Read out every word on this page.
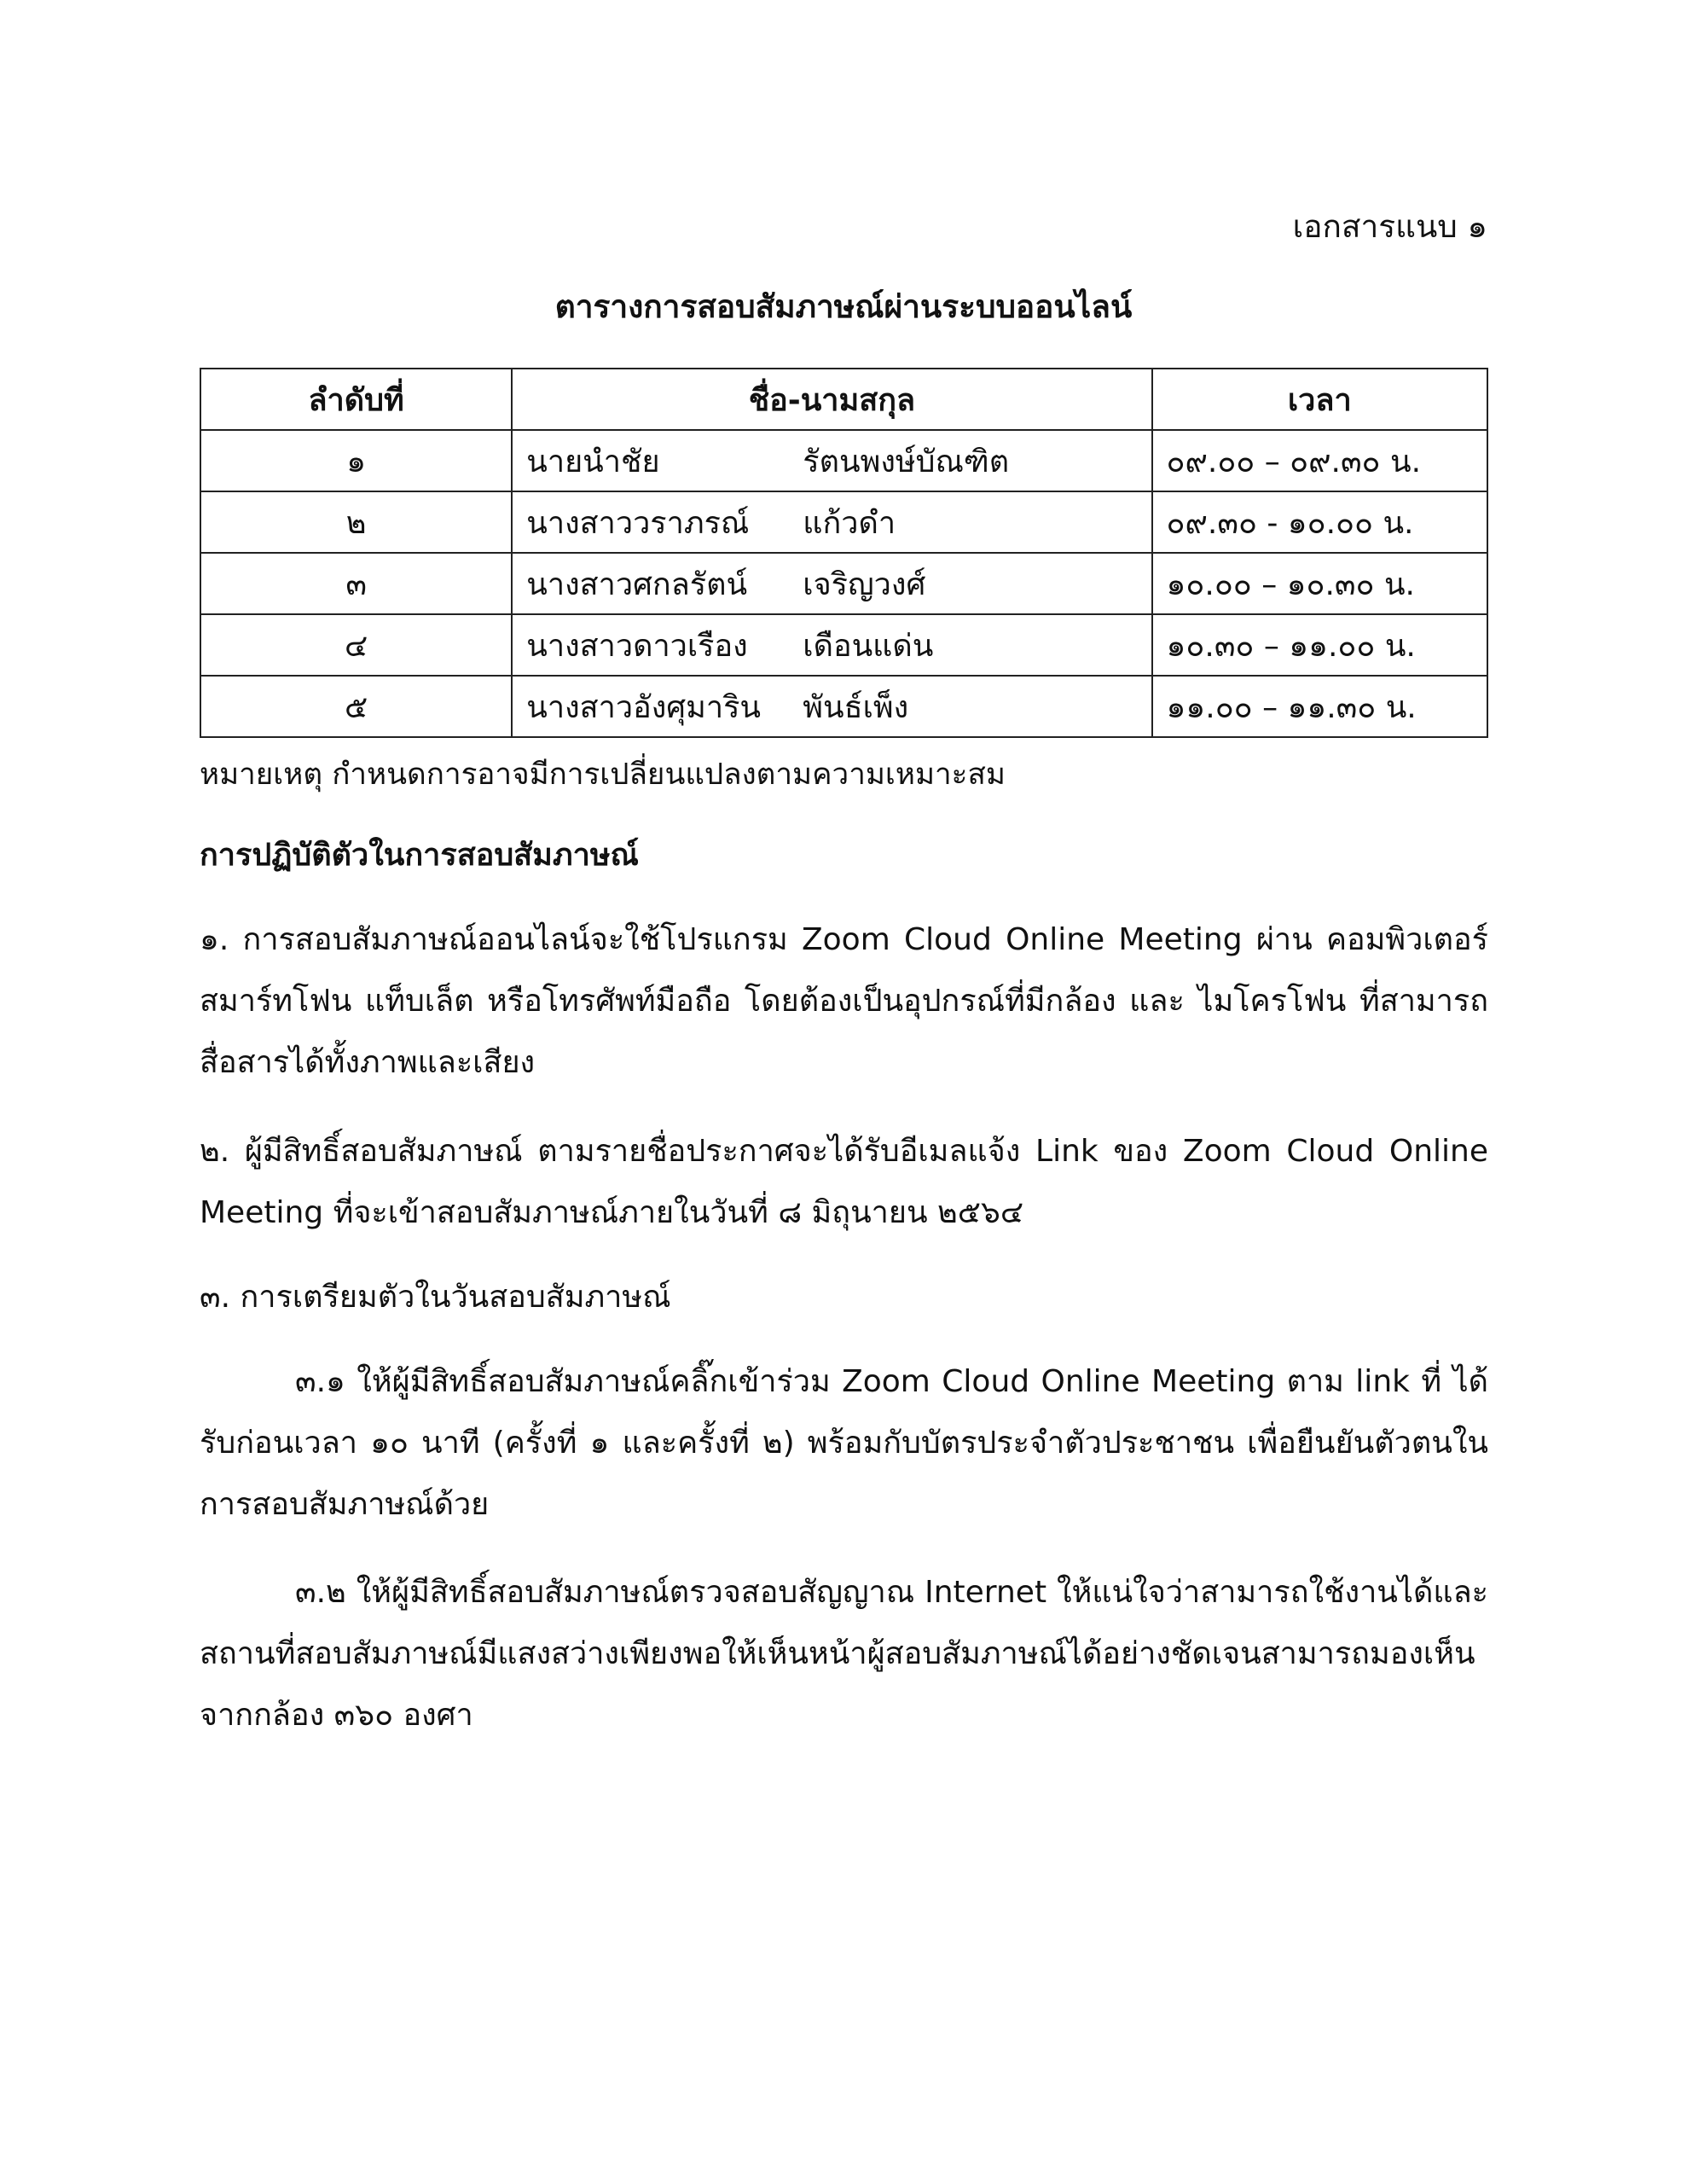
เอกสารแนบ ๑
ตารางการสอบสัมภาษณ์ผ่านระบบออนไลน์
ลำดับที่	ชื่อ-นามสกุล	เวลา
๑	นายนำชัย รัตนพงษ์บัณฑิต	๐๙.๐๐ – ๐๙.๓๐ น.
๒	นางสาววราภรณ์ แก้วดำ	๐๙.๓๐ - ๑๐.๐๐ น.
๓	นางสาวศกลรัตน์ เจริญวงศ์	๑๐.๐๐ – ๑๐.๓๐ น.
๔	นางสาวดาวเรือง เดือนแด่น	๑๐.๓๐ – ๑๑.๐๐ น.
๕	นางสาวอังศุมาริน พันธ์เพ็ง	๑๑.๐๐ – ๑๑.๓๐ น.
หมายเหตุ กำหนดการอาจมีการเปลี่ยนแปลงตามความเหมาะสม
การปฏิบัติตัวในการสอบสัมภาษณ์
๑. การสอบสัมภาษณ์ออนไลน์จะใช้โปรแกรม Zoom Cloud Online Meeting ผ่าน คอมพิวเตอร์ สมาร์ทโฟน แท็บเล็ต หรือโทรศัพท์มือถือ โดยต้องเป็นอุปกรณ์ที่มีกล้อง และ ไมโครโฟน ที่สามารถสื่อสารได้ทั้งภาพและเสียง
๒. ผู้มีสิทธิ์สอบสัมภาษณ์ ตามรายชื่อประกาศจะได้รับอีเมลแจ้ง Link ของ Zoom Cloud Online Meeting ที่จะเข้าสอบสัมภาษณ์ภายในวันที่ ๘ มิถุนายน ๒๕๖๔
๓. การเตรียมตัวในวันสอบสัมภาษณ์
๓.๑ ให้ผู้มีสิทธิ์สอบสัมภาษณ์คลิ๊กเข้าร่วม Zoom Cloud Online Meeting ตาม link ที่ ได้รับก่อนเวลา ๑๐ นาที (ครั้งที่ ๑ และครั้งที่ ๒) พร้อมกับบัตรประจำตัวประชาชน เพื่อยืนยันตัวตนในการสอบสัมภาษณ์ด้วย
๓.๒ ให้ผู้มีสิทธิ์สอบสัมภาษณ์ตรวจสอบสัญญาณ Internet ให้แน่ใจว่าสามารถใช้งานได้และสถานที่สอบสัมภาษณ์มีแสงสว่างเพียงพอให้เห็นหน้าผู้สอบสัมภาษณ์ได้อย่างชัดเจนสามารถมองเห็นจากกล้อง ๓๖๐ องศา
